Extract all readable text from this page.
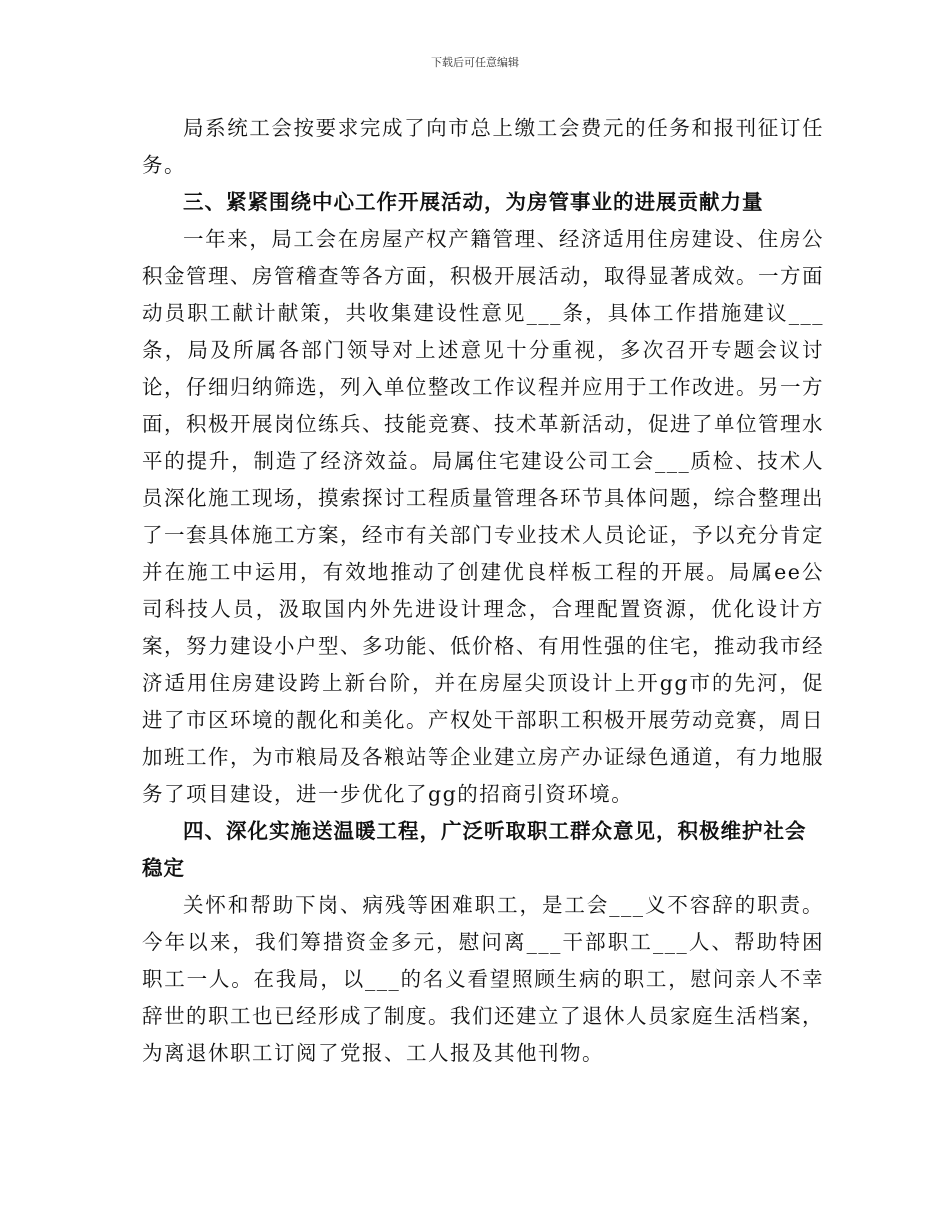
下载后可任意编辑

局系统工会按要求完成了向市总上缴工会费元的任务和报刊征订任务。

三、紧紧围绕中心工作开展活动，为房管事业的进展贡献力量

一年来，局工会在房屋产权产籍管理、经济适用住房建设、住房公积金管理、房管稽查等各方面，积极开展活动，取得显著成效。一方面动员职工献计献策，共收集建设性意见___条，具体工作措施建议___条，局及所属各部门领导对上述意见十分重视，多次召开专题会议讨论，仔细归纳筛选，列入单位整改工作议程并应用于工作改进。另一方面，积极开展岗位练兵、技能竞赛、技术革新活动，促进了单位管理水平的提升，制造了经济效益。局属住宅建设公司工会___质检、技术人员深化施工现场，摸索探讨工程质量管理各环节具体问题，综合整理出了一套具体施工方案，经市有关部门专业技术人员论证，予以充分肯定并在施工中运用，有效地推动了创建优良样板工程的开展。局属ee公司科技人员，汲取国内外先进设计理念，合理配置资源，优化设计方案，努力建设小户型、多功能、低价格、有用性强的住宅，推动我市经济适用住房建设跨上新台阶，并在房屋尖顶设计上开gg市的先河，促进了市区环境的靓化和美化。产权处干部职工积极开展劳动竞赛，周日加班工作，为市粮局及各粮站等企业建立房产办证绿色通道，有力地服务了项目建设，进一步优化了gg的招商引资环境。

四、深化实施送温暖工程，广泛听取职工群众意见，积极维护社会稳定

关怀和帮助下岗、病残等困难职工，是工会___义不容辞的职责。今年以来，我们筹措资金多元，慰问离___干部职工___人、帮助特困职工一人。在我局，以___的名义看望照顾生病的职工，慰问亲人不幸辞世的职工也已经形成了制度。我们还建立了退休人员家庭生活档案，为离退休职工订阅了党报、工人报及其他刊物。
